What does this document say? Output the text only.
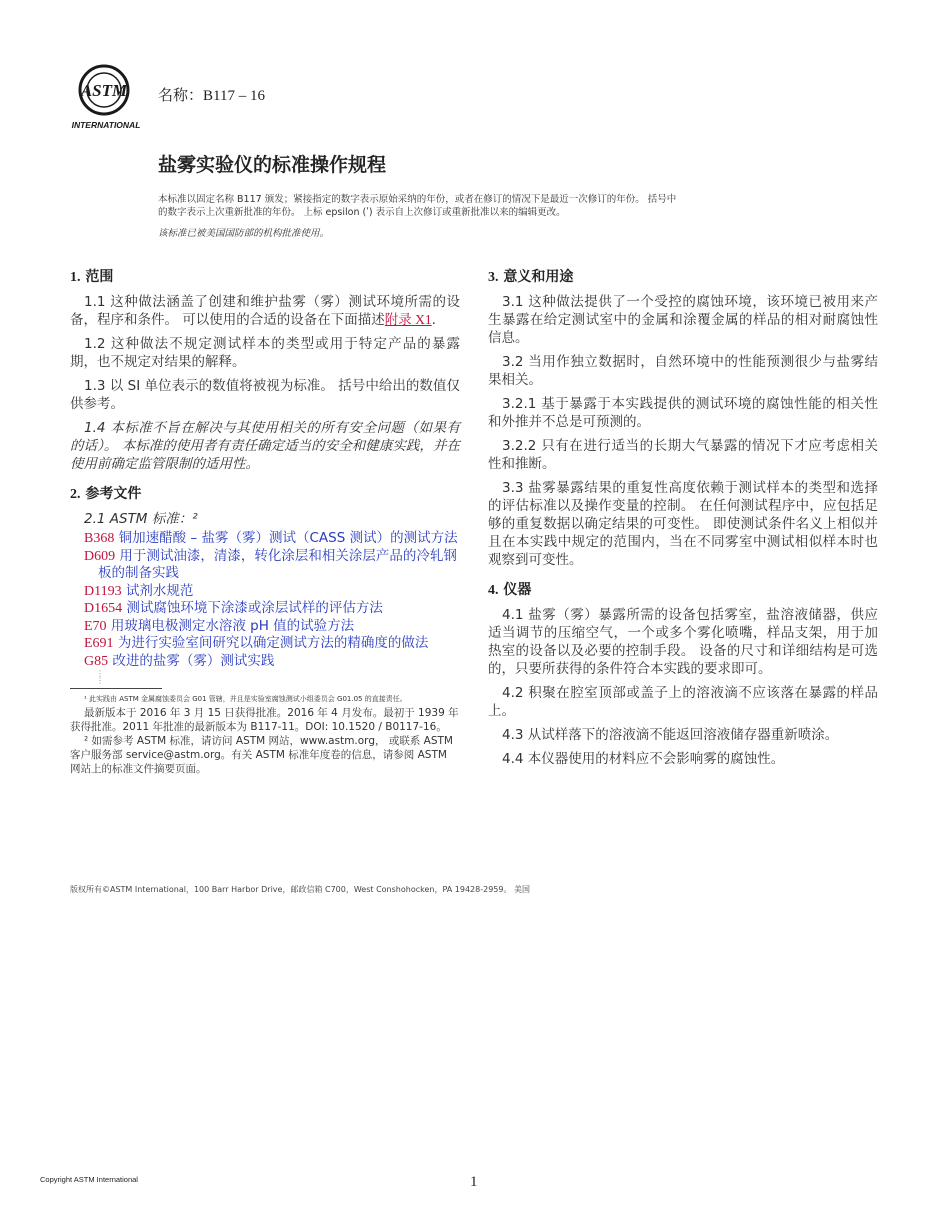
ASTM
INTERNATIONAL
名称：B117 – 16
盐雾实验仪的标准操作规程
本标准以固定名称 B117 颁发；紧接指定的数字表示原始采纳的年份，或者在修订的情况下是最近一次修订的年份。 括号中
的数字表示上次重新批准的年份。 上标 epsilon (ʹ) 表示自上次修订或重新批准以来的编辑更改。
该标准已被美国国防部的机构批准使用。
1. 范围

1.1 这种做法涵盖了创建和维护盐雾（雾）测试环境所需的设备，程序和条件。 可以使用的合适的设备在下面描述附录 X1.

1.2 这种做法不规定测试样本的类型或用于特定产品的暴露期，也不规定对结果的解释。

1.3 以 SI 单位表示的数值将被视为标准。 括号中给出的数值仅供参考。

1.4 本标准不旨在解决与其使用相关的所有安全问题（如果有的话）。 本标准的使用者有责任确定适当的安全和健康实践，并在使用前确定监管限制的适用性。

2. 参考文件

2.1 ASTM 标准：²

B368 铜加速醋酸 – 盐雾（雾）测试（CASS 测试）的测试方法

D609 用于测试油漆，清漆，转化涂层和相关涂层产品的冷轧钢板的制备实践

D1193 试剂水规范

D1654 测试腐蚀环境下涂漆或涂层试样的评估方法

E70 用玻璃电极测定水溶液 pH 值的试验方法

E691 为进行实验室间研究以确定测试方法的精确度的做法

G85 改进的盐雾（雾）测试实践

⋮
⋮

¹ 此实践由 ASTM 金属腐蚀委员会 G01 管辖，并且是实验室腐蚀测试小组委员会 G01.05 的直接责任。

最新版本于 2016 年 3 月 15 日获得批准。2016 年 4 月发布。最初于 1939 年获得批准。2011 年批准的最新版本为 B117-11。DOI: 10.1520 / B0117-16。

² 如需参考 ASTM 标准，请访问 ASTM 网站，www.astm.org， 或联系 ASTM 客户服务部 service@astm.org。有关 ASTM 标准年度卷的信息，请参阅 ASTM 网站上的标准文件摘要页面。

3. 意义和用途

3.1 这种做法提供了一个受控的腐蚀环境，该环境已被用来产生暴露在给定测试室中的金属和涂覆金属的样品的相对耐腐蚀性信息。

3.2 当用作独立数据时，自然环境中的性能预测很少与盐雾结果相关。

3.2.1 基于暴露于本实践提供的测试环境的腐蚀性能的相关性和外推并不总是可预测的。

3.2.2 只有在进行适当的长期大气暴露的情况下才应考虑相关性和推断。

3.3 盐雾暴露结果的重复性高度依赖于测试样本的类型和选择的评估标准以及操作变量的控制。 在任何测试程序中，应包括足够的重复数据以确定结果的可变性。 即使测试条件名义上相似并且在本实践中规定的范围内，当在不同雾室中测试相似样本时也观察到可变性。

4. 仪器

4.1 盐雾（雾）暴露所需的设备包括雾室，盐溶液储器，供应适当调节的压缩空气，一个或多个雾化喷嘴，样品支架，用于加热室的设备以及必要的控制手段。 设备的尺寸和详细结构是可选的，只要所获得的条件符合本实践的要求即可。

4.2 积聚在腔室顶部或盖子上的溶液滴不应该落在暴露的样品上。

4.3 从试样落下的溶液滴不能返回溶液储存器重新喷涂。

4.4 本仪器使用的材料应不会影响雾的腐蚀性。

版权所有©ASTM International，100 Barr Harbor Drive，邮政信箱 C700，West Conshohocken，PA 19428-2959。 美国
Copyright ASTM International	1
